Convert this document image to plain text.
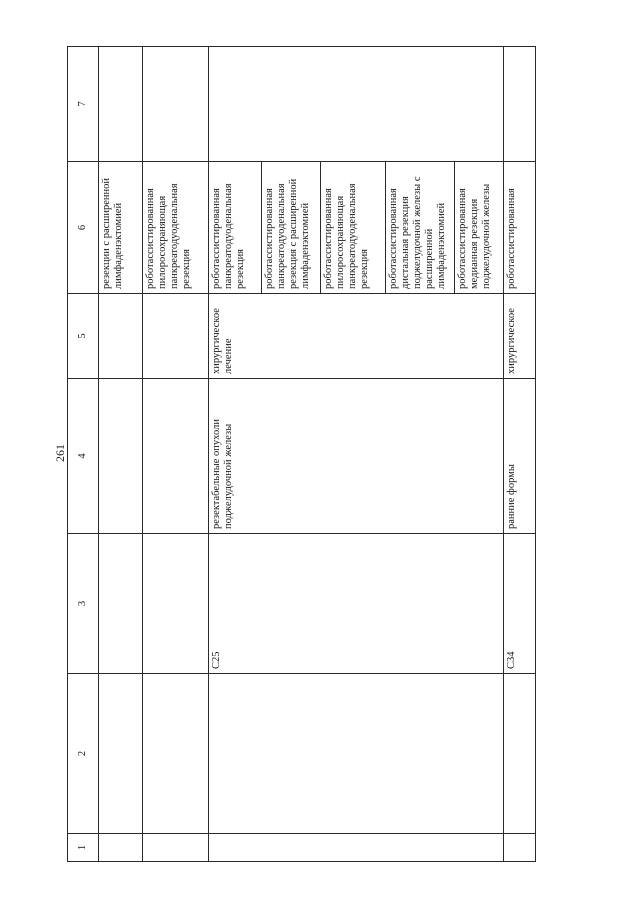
261
1	2	3	4	5	6	7
					резекции с расширенной лимфаденэктомией	
					роботассистированная пилоросохраняющая панкреатодуоденальная резекция	
		C25	резектабельные опухоли поджелудочной железы	хирургическое лечение	роботассистированная панкреатодуоденальная резекция роботассистированная панкреатодуоденальная резекция с расширенной лимфаденэктомией роботассистированная пилоросохраняющая панкреатодуоденальная резекция роботассистированная дистальная резекция поджелудочной железы с расширенной лимфаденэктомией роботассистированная медианная резекция поджелудочной железы	

		C34	ранние формы	хирургическое	роботассистированная	
